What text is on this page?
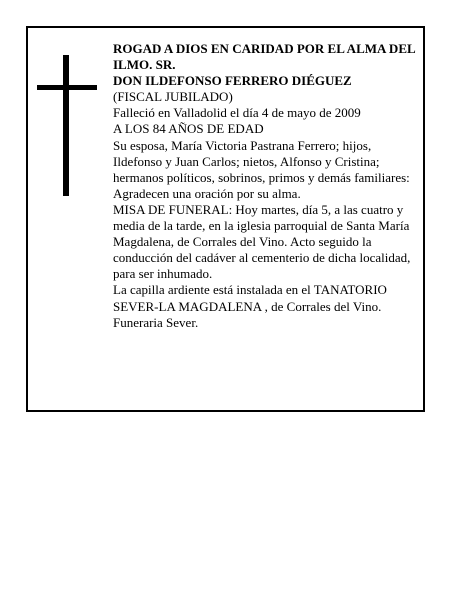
ROGAD A DIOS EN CARIDAD POR EL ALMA DEL ILMO. SR.

DON ILDEFONSO FERRERO DIÉGUEZ

(FISCAL JUBILADO)

Falleció en Valladolid el día 4 de mayo de 2009

A LOS 84 AÑOS DE EDAD

Su esposa, María Victoria Pastrana Ferrero; hijos, Ildefonso y Juan Carlos; nietos, Alfonso y Cristina; hermanos políticos, sobrinos, primos y demás familiares:

Agradecen una oración por su alma.

MISA DE FUNERAL: Hoy martes, día 5, a las cuatro y media de la tarde, en la iglesia parroquial de Santa María Magdalena, de Corrales del Vino. Acto seguido la conducción del cadáver al cementerio de dicha localidad, para ser inhumado.

La capilla ardiente está instalada en el TANATORIO SEVER-LA MAGDALENA , de Corrales del Vino.

Funeraria Sever.
